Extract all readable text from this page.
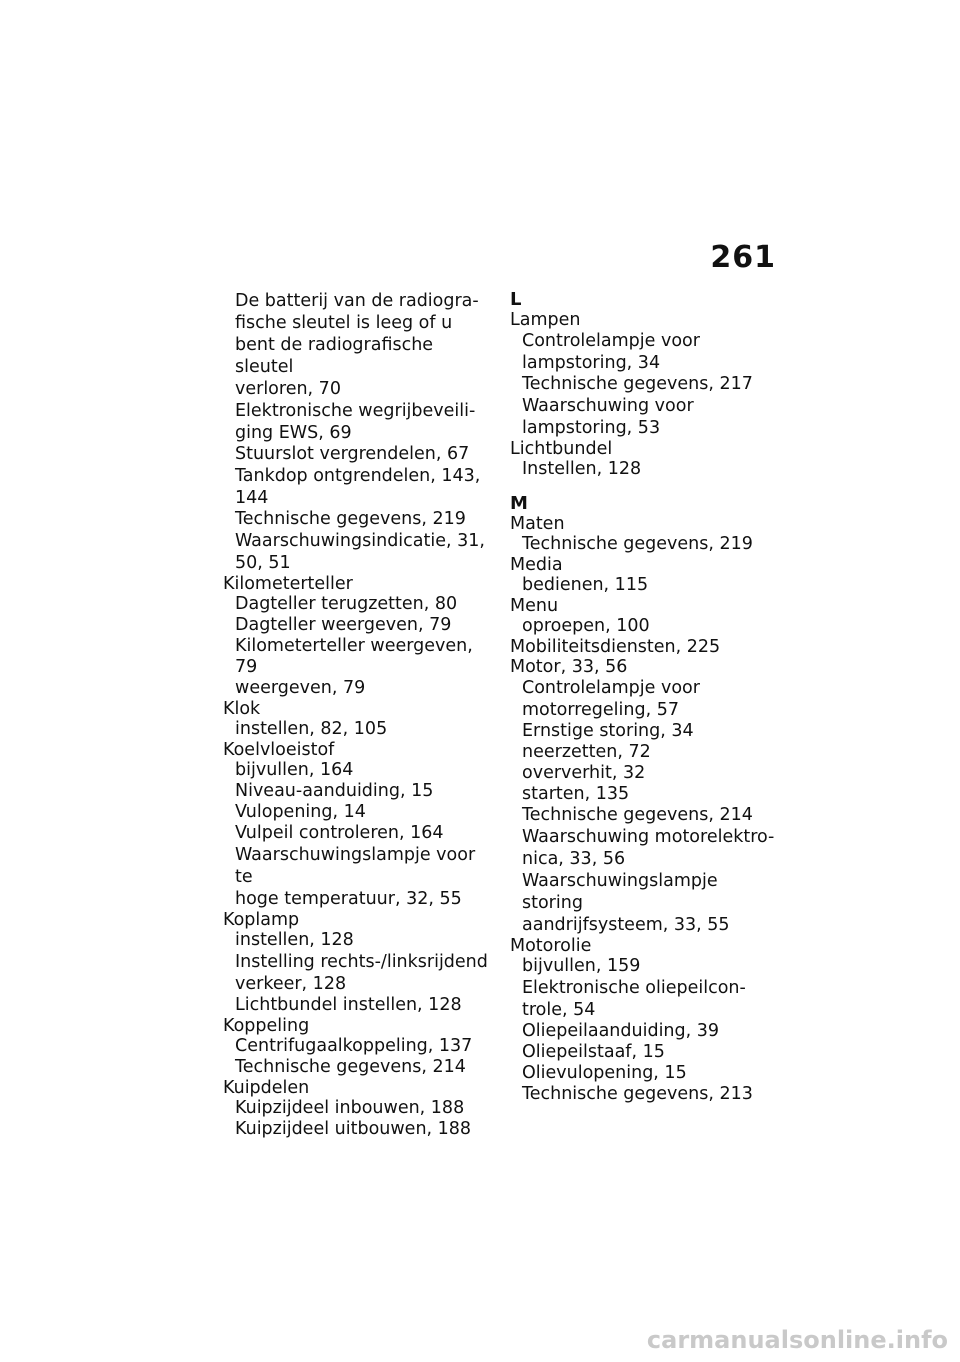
261
De batterij van de radiogra-
fische sleutel is leeg of u
bent de radiografische sleutel
verloren, 70
Elektronische wegrijbeveili-
ging EWS, 69
Stuurslot vergrendelen, 67
Tankdop ontgrendelen, 143,
144
Technische gegevens, 219
Waarschuwingsindicatie, 31,
50, 51
Kilometerteller
Dagteller terugzetten, 80
Dagteller weergeven, 79
Kilometerteller weergeven, 79
weergeven, 79
Klok
instellen, 82, 105
Koelvloeistof
bijvullen, 164
Niveau-aanduiding, 15
Vulopening, 14
Vulpeil controleren, 164
Waarschuwingslampje voor te
hoge temperatuur, 32, 55
Koplamp
instellen, 128
Instelling rechts-/linksrijdend
verkeer, 128
Lichtbundel instellen, 128
Koppeling
Centrifugaalkoppeling, 137
Technische gegevens, 214
Kuipdelen
Kuipzijdeel inbouwen, 188
Kuipzijdeel uitbouwen, 188
L
Lampen
Controlelampje voor
lampstoring, 34
Technische gegevens, 217
Waarschuwing voor
lampstoring, 53
Lichtbundel
Instellen, 128
M
Maten
Technische gegevens, 219
Media
bedienen, 115
Menu
oproepen, 100
Mobiliteitsdiensten, 225
Motor, 33, 56
Controlelampje voor
motorregeling, 57
Ernstige storing, 34
neerzetten, 72
oververhit, 32
starten, 135
Technische gegevens, 214
Waarschuwing motorelektro-
nica, 33, 56
Waarschuwingslampje storing
aandrijfsysteem, 33, 55
Motorolie
bijvullen, 159
Elektronische oliepeilcon-
trole, 54
Oliepeilaanduiding, 39
Oliepeilstaaf, 15
Olievulopening, 15
Technische gegevens, 213
carmanualsonline.info
